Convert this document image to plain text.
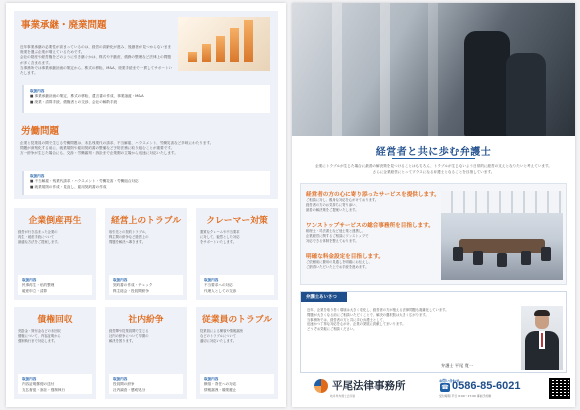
事業承継・廃業問題
近年事業承継の必要性が高まっているのは、経営の高齢化が進み、後継者が見つからないまま廃業を選ぶ企業が増えているためです。
会社の財産や経営権をどのように引き継ぐかは、株式や不動産、債務の整理など法律上の問題が多く含まれます。
当事務所では事業承継計画の策定から、株式の移転、M&A、廃業手続まで一貫してサポートいたします。
取扱内容
■ 事業承継計画の策定、株式の移転、遺言書の作成、事業譲渡・M&A
■ 廃業・清算手続、債権者との交渉、会社の解散手続
労働問題
企業と従業員の間で生じる労働問題は、未払残業代の請求、不当解雇、ハラスメント、労働災害など多岐にわたります。
問題が深刻化する前に、就業規則や雇用契約書の整備など予防法務に取り組むことが重要です。
万一紛争が生じた場合にも、交渉・労働審判・訴訟まで企業側の立場から迅速に対応いたします。
取扱内容
■ 不当解雇・残業代請求・ハラスメント・労働災害・労働組合対応
■ 就業規則の作成・見直し、雇用契約書の作成
企業倒産再生
経営が行き詰まった企業の
再生・破産手続について
最適な方法をご提案します。
取扱内容
民事再生・私的整理
破産申立・清算
経営上のトラブル
取引先との契約トラブル、
株主間の紛争など経営上の
問題を解決へ導きます。
取扱内容
契約書の作成・チェック
株主総会・役員間紛争
クレーマー対策
悪質なクレームや不当要求
に対して、毅然とした対応
をサポートいたします。
取扱内容
不当要求への対応
代理人としての交渉
債権回収
売掛金・貸付金などの未回収
債権について、内容証明から
強制執行まで対応します。
取扱内容
内容証明郵便の送付
支払督促・訴訟・強制執行
社内紛争
経営陣や従業員間で生じる
社内の紛争について早期の
解決を図ります。
取扱内容
役員間の紛争
社内調査・懲戒処分
従業員のトラブル
従業員による横領や情報漏洩
などのトラブルについて
適切に対応いたします。
取扱内容
横領・背任への対応
情報漏洩・競業避止
経営者と共に歩む弁護士
企業にトラブルが生じた場合に最善の解決策を見つけることはもちろん、トラブルが生じないよう日常的に経営の支えとなりたいと考えています。
さらに企業経営にとってプラスになる弁護士となることを目指しています。
経営者の方の心に寄り添ったサービスを提供します。
ご相談に対し、親身な対応を心がけております。
経営者の方のお気持ちに寄り添い、
最善の解決策をご提案いたします。
ワンストップサービスの総合事務所を目指します。
税理士・司法書士など他士業と連携し、
企業経営に関するご相談にワンストップで
対応できる体制を整えております。
明確な料金設定を目指します。
ご依頼前に費用の見通しを明確にお伝えし、
ご納得いただいた上でお手続を進めます。
弁護士あいさつ
近年、企業を取り巻く環境は大きく変化し、経営者の方が抱える法律問題も複雑化しています。
問題が大きくなる前にご相談いただくことで、解決の選択肢は大きく広がります。
当事務所では、経営者の方と共に歩む弁護士として、
迅速かつ丁寧な対応を心がけ、企業の発展に貢献してまいります。
どうぞお気軽にご相談ください。
弁護士 平尾 寛一
平尾法律事務所
岐阜県弁護士会所属
お問い合わせ
☎ 0586-85-6021
受付時間 平日 9:00〜17:00 事前予約制
